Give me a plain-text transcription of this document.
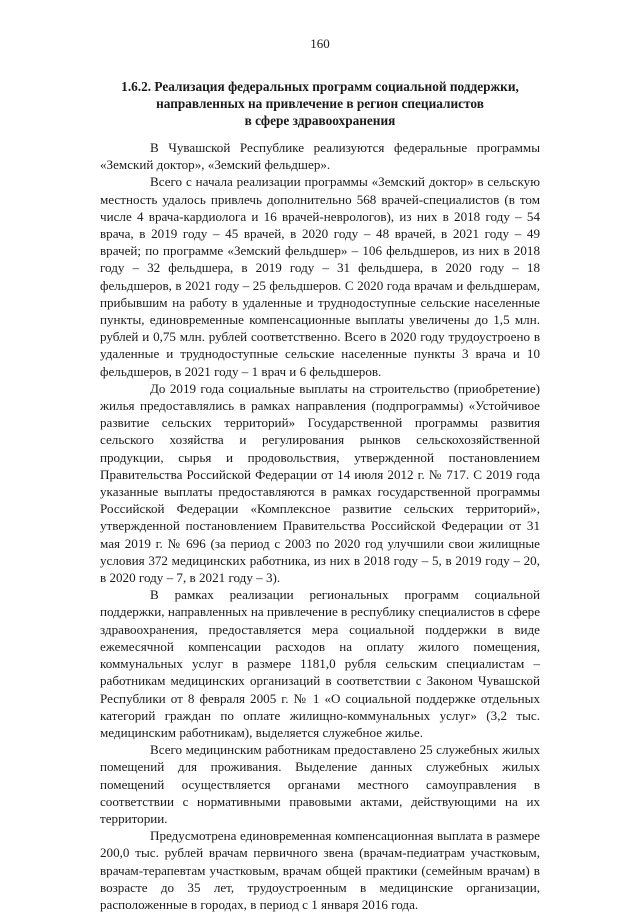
160
1.6.2. Реализация федеральных программ социальной поддержки,
направленных на привлечение в регион специалистов
в сфере здравоохранения

В Чувашской Республике реализуются федеральные программы «Земский доктор», «Земский фельдшер».

Всего с начала реализации программы «Земский доктор» в сельскую местность удалось привлечь дополнительно 568 врачей-специалистов (в том числе 4 врача-кардиолога и 16 врачей-неврологов), из них в 2018 году – 54 врача, в 2019 году – 45 врачей, в 2020 году – 48 врачей, в 2021 году – 49 врачей; по программе «Земский фельдшер» – 106 фельдшеров, из них в 2018 году – 32 фельдшера, в 2019 году – 31 фельдшера, в 2020 году – 18 фельдшеров, в 2021 году – 25 фельдшеров. С 2020 года врачам и фельдшерам, прибывшим на работу в удаленные и труднодоступные сельские населенные пункты, единовременные компенсационные выплаты увеличены до 1,5 млн. рублей и 0,75 млн. рублей соответственно. Всего в 2020 году трудоустроено в удаленные и труднодоступные сельские населенные пункты 3 врача и 10 фельдшеров, в 2021 году – 1 врач и 6 фельдшеров.

До 2019 года социальные выплаты на строительство (приобретение) жилья предоставлялись в рамках направления (подпрограммы) «Устойчивое развитие сельских территорий» Государственной программы развития сельского хозяйства и регулирования рынков сельскохозяйственной продукции, сырья и продовольствия, утвержденной постановлением Правительства Российской Федерации от 14 июля 2012 г. № 717. С 2019 года указанные выплаты предоставляются в рамках государственной программы Российской Федерации «Комплексное развитие сельских территорий», утвержденной постановлением Правительства Российской Федерации от 31 мая 2019 г. № 696 (за период с 2003 по 2020 год улучшили свои жилищные условия 372 медицинских работника, из них в 2018 году – 5, в 2019 году – 20, в 2020 году – 7, в 2021 году – 3).

В рамках реализации региональных программ социальной поддержки, направленных на привлечение в республику специалистов в сфере здравоохранения, предоставляется мера социальной поддержки в виде ежемесячной компенсации расходов на оплату жилого помещения, коммунальных услуг в размере 1181,0 рубля сельским специалистам – работникам медицинских организаций в соответствии с Законом Чувашской Республики от 8 февраля 2005 г. № 1 «О социальной поддержке отдельных категорий граждан по оплате жилищно-коммунальных услуг» (3,2 тыс. медицинским работникам), выделяется служебное жилье.

Всего медицинским работникам предоставлено 25 служебных жилых помещений для проживания. Выделение данных служебных жилых помещений осуществляется органами местного самоуправления в соответствии с нормативными правовыми актами, действующими на их территории.

Предусмотрена единовременная компенсационная выплата в размере 200,0 тыс. рублей врачам первичного звена (врачам-педиатрам участковым, врачам-терапевтам участковым, врачам общей практики (семейным врачам) в возрасте до 35 лет, трудоустроенным в медицинские организации, расположенные в городах, в период с 1 января 2016 года.
